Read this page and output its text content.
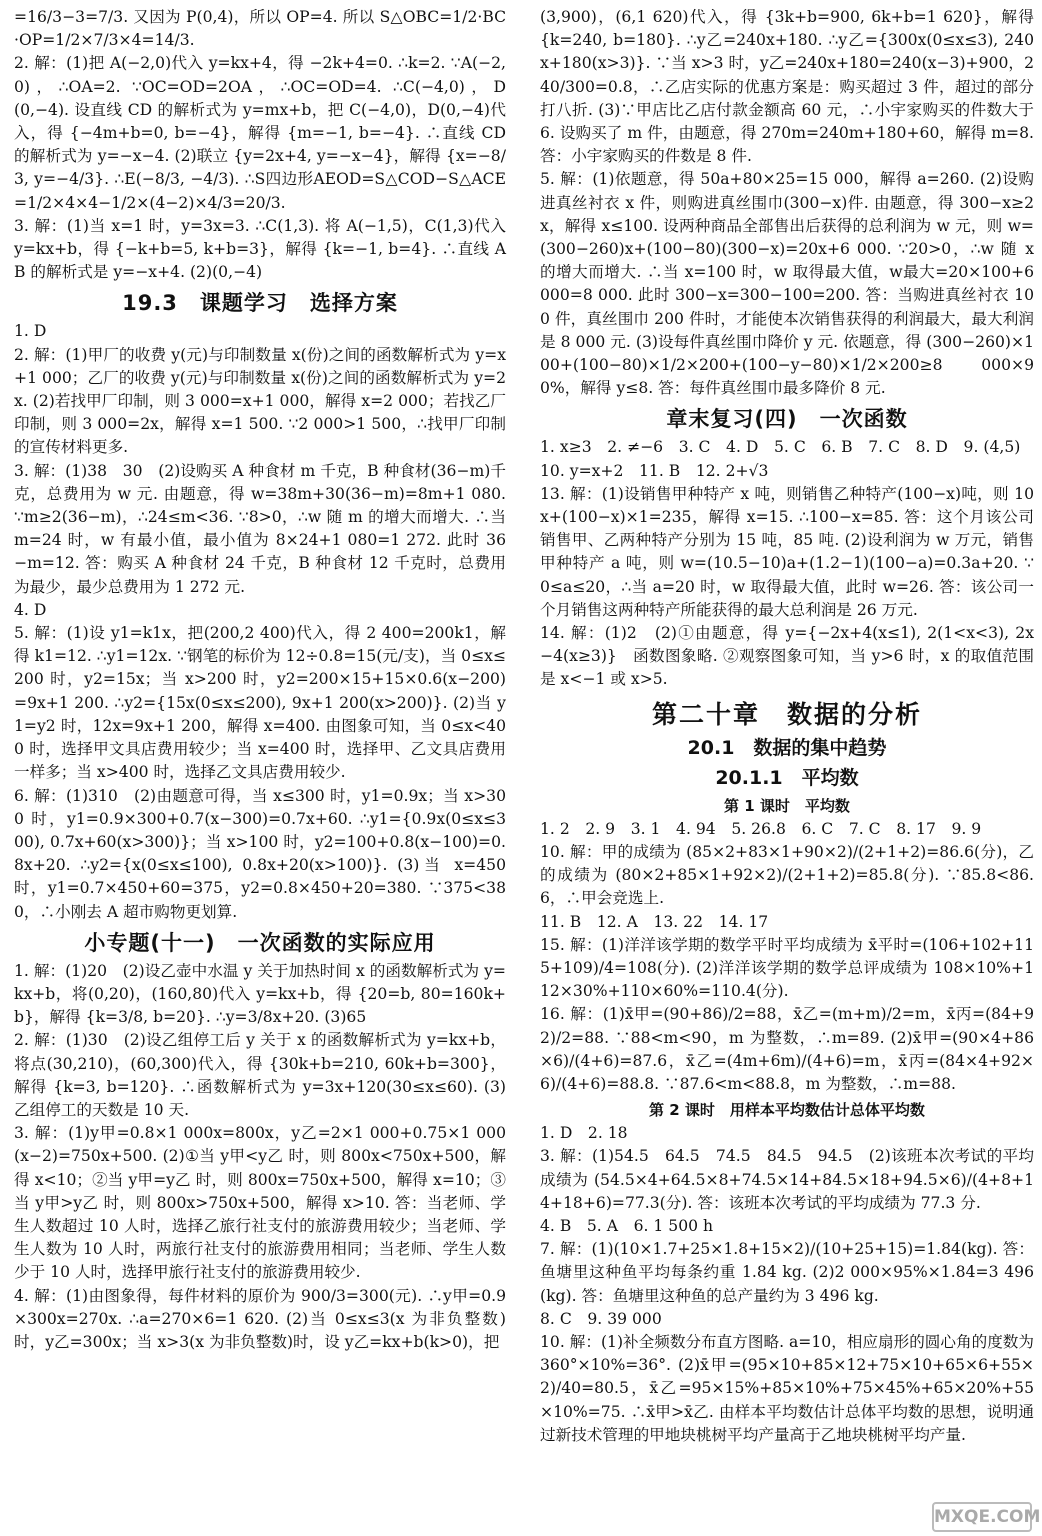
=16/3−3=7/3. 又因为 P(0,4)，所以 OP=4. 所以 S△OBC=1/2·BC·OP=1/2×7/3×4=14/3.
2. 解：(1)把 A(−2,0)代入 y=kx+4，得 −2k+4=0. ∴k=2. ∵A(−2,0)，∴OA=2. ∵OC=OD=2OA，∴OC=OD=4. ∴C(−4,0)，D(0,−4). 设直线 CD 的解析式为 y=mx+b，把 C(−4,0)，D(0,−4)代入，得 {−4m+b=0, b=−4}，解得 {m=−1, b=−4}. ∴直线 CD 的解析式为 y=−x−4. (2)联立 {y=2x+4, y=−x−4}，解得 {x=−8/3, y=−4/3}. ∴E(−8/3, −4/3). ∴S四边形AEOD=S△COD−S△ACE=1/2×4×4−1/2×(4−2)×4/3=20/3.
3. 解：(1)当 x=1 时，y=3x=3. ∴C(1,3). 将 A(−1,5)，C(1,3)代入 y=kx+b，得 {−k+b=5, k+b=3}，解得 {k=−1, b=4}. ∴直线 AB 的解析式是 y=−x+4. (2)(0,−4)
19.3　课题学习　选择方案
1. D
2. 解：(1)甲厂的收费 y(元)与印制数量 x(份)之间的函数解析式为 y=x+1 000；乙厂的收费 y(元)与印制数量 x(份)之间的函数解析式为 y=2x. (2)若找甲厂印制，则 3 000=x+1 000，解得 x=2 000；若找乙厂印制，则 3 000=2x，解得 x=1 500. ∵2 000>1 500，∴找甲厂印制的宣传材料更多.
3. 解：(1)38　30　(2)设购买 A 种食材 m 千克，B 种食材(36−m)千克，总费用为 w 元. 由题意，得 w=38m+30(36−m)=8m+1 080. ∵m≥2(36−m)，∴24≤m<36. ∵8>0，∴w 随 m 的增大而增大. ∴当 m=24 时，w 有最小值，最小值为 8×24+1 080=1 272. 此时 36−m=12. 答：购买 A 种食材 24 千克，B 种食材 12 千克时，总费用为最少，最少总费用为 1 272 元.
4. D
5. 解：(1)设 y1=k1x，把(200,2 400)代入，得 2 400=200k1，解得 k1=12. ∴y1=12x. ∵钢笔的标价为 12÷0.8=15(元/支)，当 0≤x≤200 时，y2=15x；当 x>200 时，y2=200×15+15×0.6(x−200)=9x+1 200. ∴y2={15x(0≤x≤200), 9x+1 200(x>200)}. (2)当 y1=y2 时，12x=9x+1 200，解得 x=400. 由图象可知，当 0≤x<400 时，选择甲文具店费用较少；当 x=400 时，选择甲、乙文具店费用一样多；当 x>400 时，选择乙文具店费用较少.
6. 解：(1)310　(2)由题意可得，当 x≤300 时，y1=0.9x；当 x>300 时，y1=0.9×300+0.7(x−300)=0.7x+60. ∴y1={0.9x(0≤x≤300), 0.7x+60(x>300)}；当 x>100 时，y2=100+0.8(x−100)=0.8x+20. ∴y2={x(0≤x≤100), 0.8x+20(x>100)}. (3)当 x=450 时，y1=0.7×450+60=375，y2=0.8×450+20=380. ∵375<380，∴小刚去 A 超市购物更划算.
小专题(十一)　一次函数的实际应用
1. 解：(1)20　(2)设乙壶中水温 y 关于加热时间 x 的函数解析式为 y=kx+b，将(0,20)，(160,80)代入 y=kx+b，得 {20=b, 80=160k+b}，解得 {k=3/8, b=20}. ∴y=3/8x+20. (3)65
2. 解：(1)30　(2)设乙组停工后 y 关于 x 的函数解析式为 y=kx+b，将点(30,210)，(60,300)代入，得 {30k+b=210, 60k+b=300}，解得 {k=3, b=120}. ∴函数解析式为 y=3x+120(30≤x≤60). (3)乙组停工的天数是 10 天.
3. 解：(1)y甲=0.8×1 000x=800x，y乙=2×1 000+0.75×1 000(x−2)=750x+500. (2)①当 y甲<y乙 时，则 800x<750x+500，解得 x<10；②当 y甲=y乙 时，则 800x=750x+500，解得 x=10；③当 y甲>y乙 时，则 800x>750x+500，解得 x>10. 答：当老师、学生人数超过 10 人时，选择乙旅行社支付的旅游费用较少；当老师、学生人数为 10 人时，两旅行社支付的旅游费用相同；当老师、学生人数少于 10 人时，选择甲旅行社支付的旅游费用较少.
4. 解：(1)由图象得，每件材料的原价为 900/3=300(元). ∴y甲=0.9×300x=270x. ∴a=270×6=1 620. (2)当 0≤x≤3(x 为非负整数)时，y乙=300x；当 x>3(x 为非负整数)时，设 y乙=kx+b(k>0)，把
(3,900)，(6,1 620)代入，得 {3k+b=900, 6k+b=1 620}，解得 {k=240, b=180}. ∴y乙=240x+180. ∴y乙={300x(0≤x≤3), 240x+180(x>3)}. ∵当 x>3 时，y乙=240x+180=240(x−3)+900，240/300=0.8，∴乙店实际的优惠方案是：购买超过 3 件，超过的部分打八折. (3)∵甲店比乙店付款金额高 60 元，∴小宇家购买的件数大于 6. 设购买了 m 件，由题意，得 270m=240m+180+60，解得 m=8. 答：小宇家购买的件数是 8 件.
5. 解：(1)依题意，得 50a+80×25=15 000，解得 a=260. (2)设购进真丝衬衣 x 件，则购进真丝围巾(300−x)件. 由题意，得 300−x≥2x，解得 x≤100. 设两种商品全部售出后获得的总利润为 w 元，则 w=(300−260)x+(100−80)(300−x)=20x+6 000. ∵20>0，∴w 随 x 的增大而增大. ∴当 x=100 时，w 取得最大值，w最大=20×100+6 000=8 000. 此时 300−x=300−100=200. 答：当购进真丝衬衣 100 件，真丝围巾 200 件时，才能使本次销售获得的利润最大，最大利润是 8 000 元. (3)设每件真丝围巾降价 y 元. 依题意，得 (300−260)×100+(100−80)×1/2×200+(100−y−80)×1/2×200≥8 000×90%，解得 y≤8. 答：每件真丝围巾最多降价 8 元.
章末复习(四)　一次函数
1. x≥3　2. ≠−6　3. C　4. D　5. C　6. B　7. C　8. D　9. (4,5)
10. y=x+2　11. B　12. 2+√3
13. 解：(1)设销售甲种特产 x 吨，则销售乙种特产(100−x)吨，则 10x+(100−x)×1=235，解得 x=15. ∴100−x=85. 答：这个月该公司销售甲、乙两种特产分别为 15 吨，85 吨. (2)设利润为 w 万元，销售甲种特产 a 吨，则 w=(10.5−10)a+(1.2−1)(100−a)=0.3a+20. ∵0≤a≤20，∴当 a=20 时，w 取得最大值，此时 w=26. 答：该公司一个月销售这两种特产所能获得的最大总利润是 26 万元.
14. 解：(1)2　(2)①由题意，得 y={−2x+4(x≤1), 2(1<x<3), 2x−4(x≥3)}　函数图象略. ②观察图象可知，当 y>6 时，x 的取值范围是 x<−1 或 x>5.
第二十章　数据的分析
20.1　数据的集中趋势
20.1.1　平均数
第 1 课时　平均数
1. 2　2. 9　3. 1　4. 94　5. 26.8　6. C　7. C　8. 17　9. 9
10. 解：甲的成绩为 (85×2+83×1+90×2)/(2+1+2)=86.6(分)，乙的成绩为 (80×2+85×1+92×2)/(2+1+2)=85.8(分). ∵85.8<86.6，∴甲会竞选上.
11. B　12. A　13. 22　14. 17
15. 解：(1)洋洋该学期的数学平时平均成绩为 x̄平时=(106+102+115+109)/4=108(分). (2)洋洋该学期的数学总评成绩为 108×10%+112×30%+110×60%=110.4(分).
16. 解：(1)x̄甲=(90+86)/2=88，x̄乙=(m+m)/2=m，x̄丙=(84+92)/2=88. ∵88<m<90，m 为整数，∴m=89. (2)x̄甲=(90×4+86×6)/(4+6)=87.6，x̄乙=(4m+6m)/(4+6)=m，x̄丙=(84×4+92×6)/(4+6)=88.8. ∵87.6<m<88.8，m 为整数，∴m=88.
第 2 课时　用样本平均数估计总体平均数
1. D　2. 18
3. 解：(1)54.5　64.5　74.5　84.5　94.5　(2)该班本次考试的平均成绩为 (54.5×4+64.5×8+74.5×14+84.5×18+94.5×6)/(4+8+14+18+6)=77.3(分). 答：该班本次考试的平均成绩为 77.3 分.
4. B　5. A　6. 1 500 h
7. 解：(1)(10×1.7+25×1.8+15×2)/(10+25+15)=1.84(kg). 答：鱼塘里这种鱼平均每条约重 1.84 kg. (2)2 000×95%×1.84=3 496(kg). 答：鱼塘里这种鱼的总产量约为 3 496 kg.
8. C　9. 39 000
10. 解：(1)补全频数分布直方图略. a=10，相应扇形的圆心角的度数为 360°×10%=36°. (2)x̄甲=(95×10+85×12+75×10+65×6+55×2)/40=80.5，x̄乙=95×15%+85×10%+75×45%+65×20%+55×10%=75. ∴x̄甲>x̄乙. 由样本平均数估计总体平均数的思想，说明通过新技术管理的甲地块桃树平均产量高于乙地块桃树平均产量.
MXQE.COM
